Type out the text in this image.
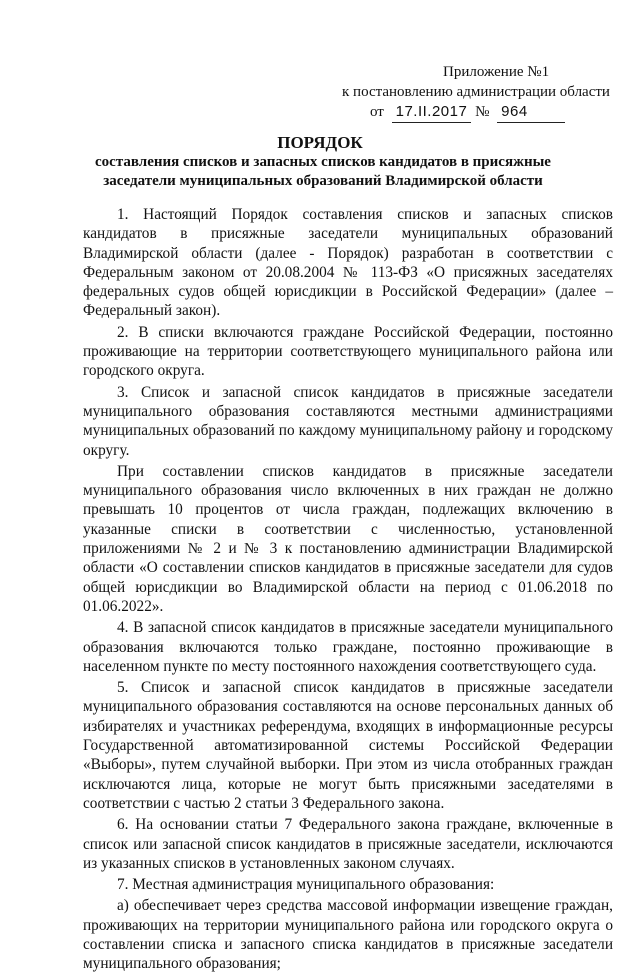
Приложение №1
к постановлению администрации области
от 17.II.2017 № 964
ПОРЯДОК
составления списков и запасных списков кандидатов в присяжные заседатели муниципальных образований Владимирской области

1. Настоящий Порядок составления списков и запасных списков кандидатов в присяжные заседатели муниципальных образований Владимирской области (далее - Порядок) разработан в соответствии с Федеральным законом от 20.08.2004 № 113-ФЗ «О присяжных заседателях федеральных судов общей юрисдикции в Российской Федерации» (далее – Федеральный закон).

2. В списки включаются граждане Российской Федерации, постоянно проживающие на территории соответствующего муниципального района или городского округа.

3. Список и запасной список кандидатов в присяжные заседатели муниципального образования составляются местными администрациями муниципальных образований по каждому муниципальному району и городскому округу.

При составлении списков кандидатов в присяжные заседатели муниципального образования число включенных в них граждан не должно превышать 10 процентов от числа граждан, подлежащих включению в указанные списки в соответствии с численностью, установленной приложениями № 2 и № 3 к постановлению администрации Владимирской области «О составлении списков кандидатов в присяжные заседатели для судов общей юрисдикции во Владимирской области на период с 01.06.2018 по 01.06.2022».

4. В запасной список кандидатов в присяжные заседатели муниципального образования включаются только граждане, постоянно проживающие в населенном пункте по месту постоянного нахождения соответствующего суда.

5. Список и запасной список кандидатов в присяжные заседатели муниципального образования составляются на основе персональных данных об избирателях и участниках референдума, входящих в информационные ресурсы Государственной автоматизированной системы Российской Федерации «Выборы», путем случайной выборки. При этом из числа отобранных граждан исключаются лица, которые не могут быть присяжными заседателями в соответствии с частью 2 статьи 3 Федерального закона.

6. На основании статьи 7 Федерального закона граждане, включенные в список или запасной список кандидатов в присяжные заседатели, исключаются из указанных списков в установленных законом случаях.

7. Местная администрация муниципального образования:

а) обеспечивает через средства массовой информации извещение граждан, проживающих на территории муниципального района или городского округа о составлении списка и запасного списка кандидатов в присяжные заседатели муниципального образования;
